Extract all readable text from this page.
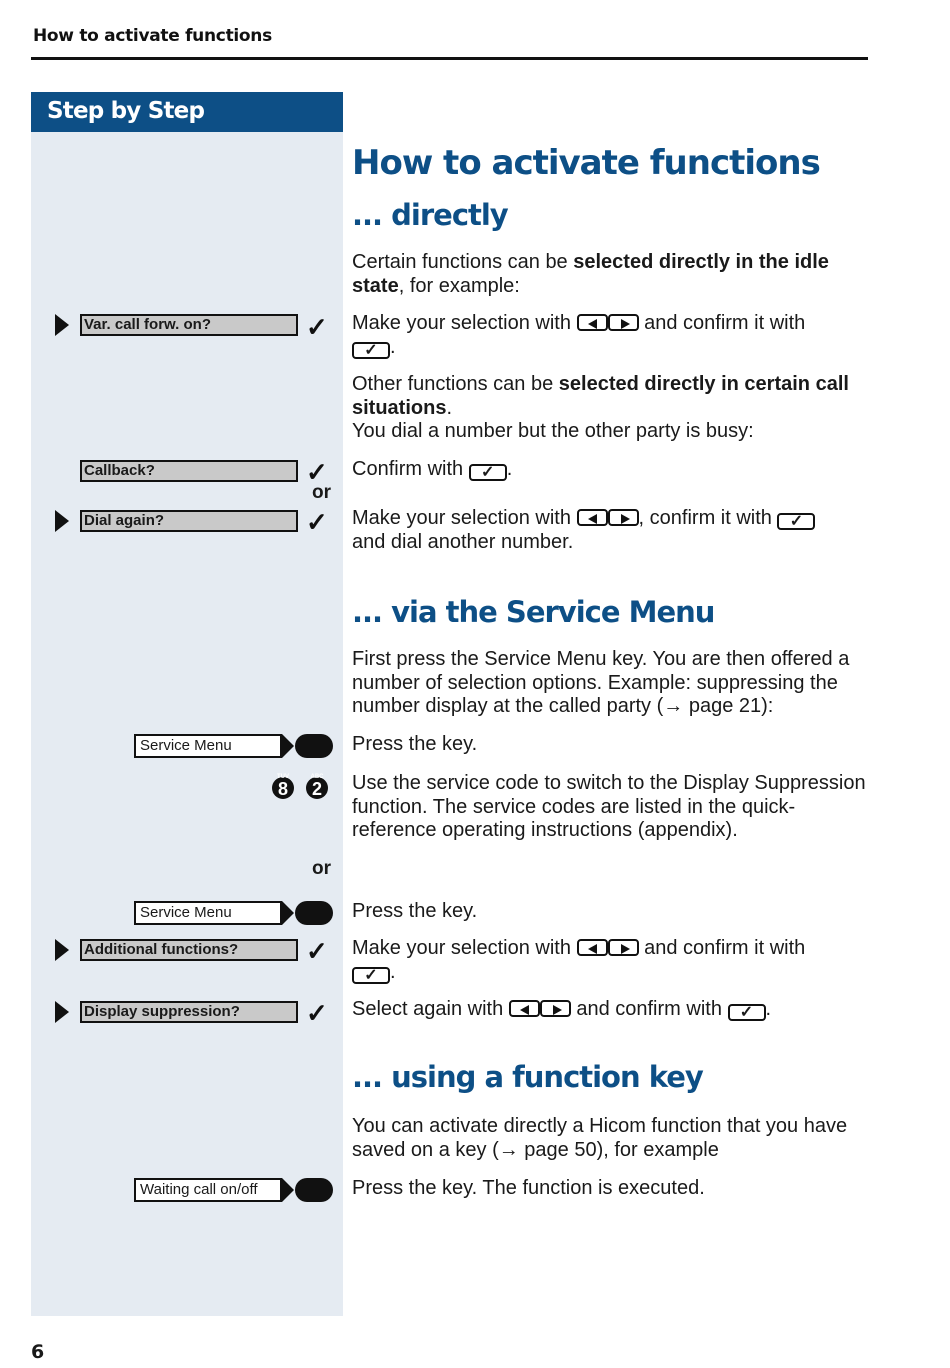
How to activate functions
Step by Step
6
How to activate functions
... directly
Certain functions can be selected directly in the idle state, for example:
Make your selection with	and confirm it with
✓ .
Other functions can be selected directly in certain call situations.
You dial a number but the other party is busy:
Confirm with ✓ .
Make your selection with	, confirm it with ✓
and dial another number.
... via the Service Menu
First press the Service Menu key. You are then offered a number of selection options. Example: suppressing the number display at the called party (→ page 21):
Press the key.
Use the service code to switch to the Display Suppression function. The service codes are listed in the quick-reference operating instructions (appendix).
Press the key.
Make your selection with	and confirm it with
✓ .
Select again with	and confirm with ✓ .
... using a function key
You can activate directly a Hicom function that you have saved on a key (→ page 50), for example
Press the key. The function is executed.
Var. call forw. on?	✓
Callback?	✓
or
Dial again?	✓
Service Menu
TUV
8
ABC
2
or
Service Menu
Additional functions?	✓
Display suppression?	✓
Waiting call on/off
